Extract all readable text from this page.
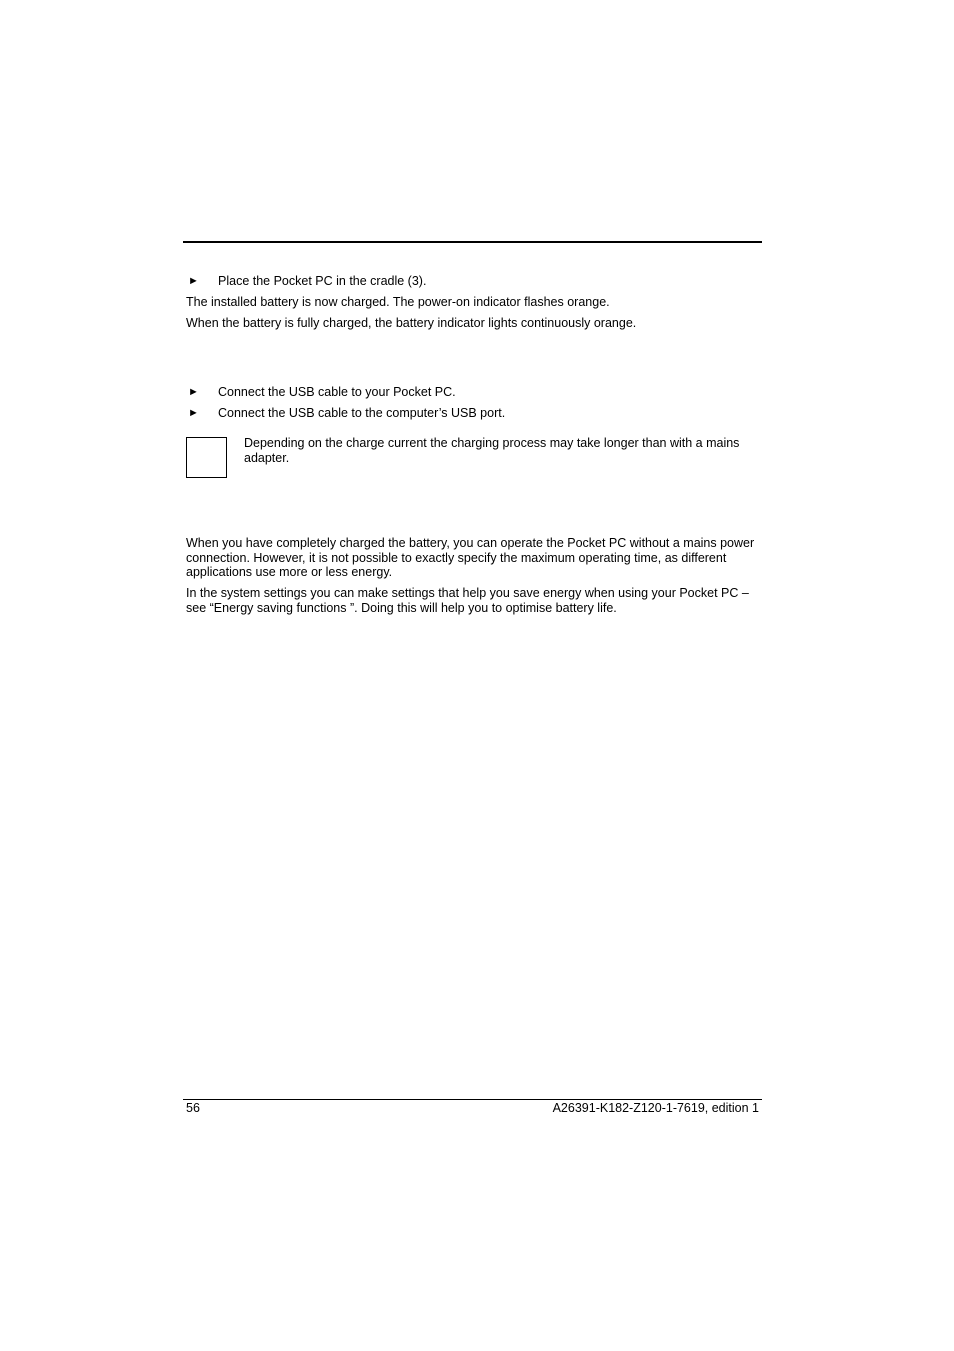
► Place the Pocket PC in the cradle (3).
The installed battery is now charged. The power-on indicator flashes orange.
When the battery is fully charged, the battery indicator lights continuously orange.
► Connect the USB cable to your Pocket PC.
► Connect the USB cable to the computer’s USB port.
Depending on the charge current the charging process may take longer than with a mains adapter.
When you have completely charged the battery, you can operate the Pocket PC without a mains power connection. However, it is not possible to exactly specify the maximum operating time, as different applications use more or less energy.
In the system settings you can make settings that help you save energy when using your Pocket PC – see “Energy saving functions ”. Doing this will help you to optimise battery life.
56	A26391-K182-Z120-1-7619, edition 1
